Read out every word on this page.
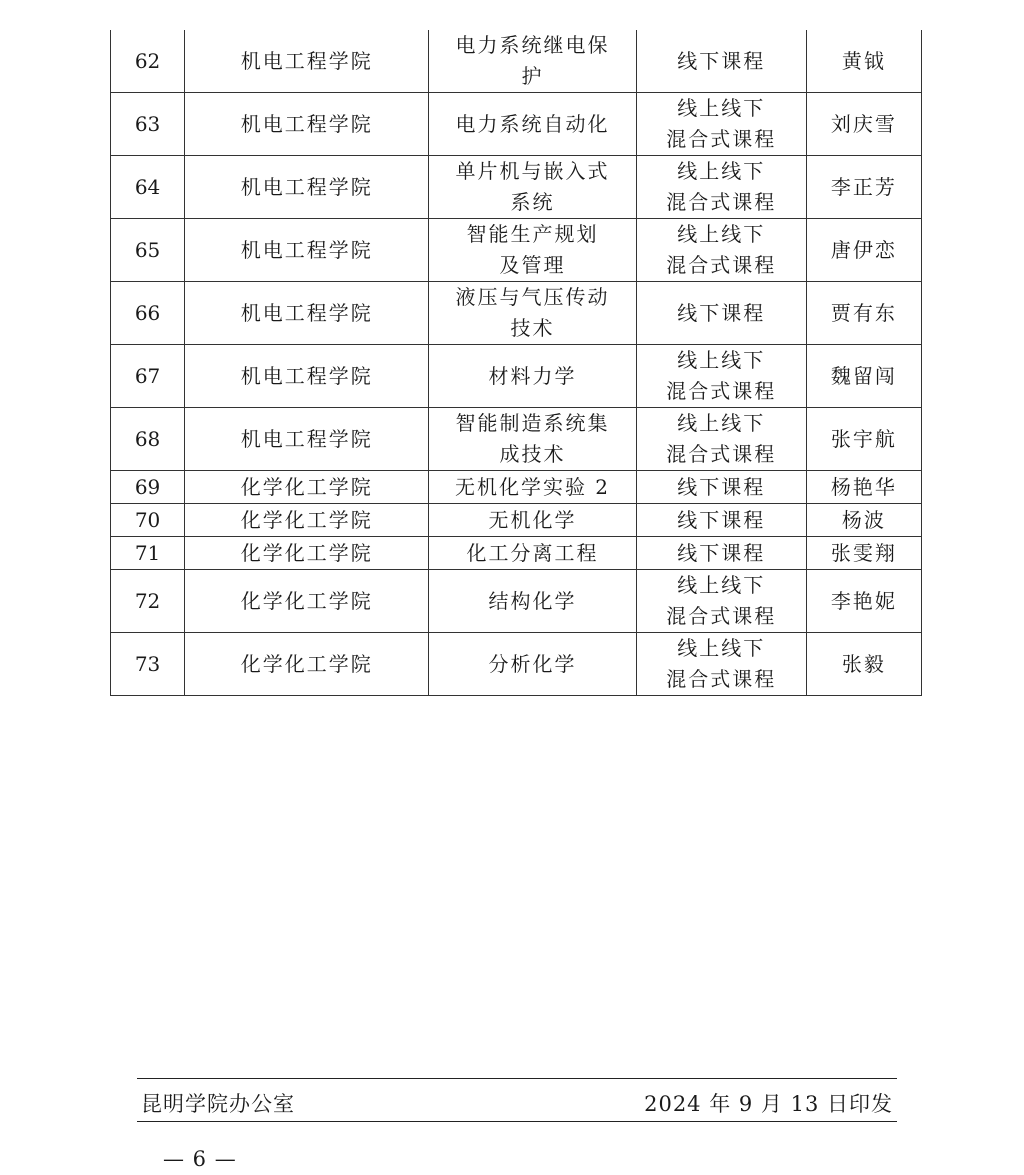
62	机电工程学院	电力系统继电保
护	线下课程	黄钺
63	机电工程学院	电力系统自动化	线上线下
混合式课程	刘庆雪
64	机电工程学院	单片机与嵌入式
系统	线上线下
混合式课程	李正芳
65	机电工程学院	智能生产规划
及管理	线上线下
混合式课程	唐伊恋
66	机电工程学院	液压与气压传动
技术	线下课程	贾有东
67	机电工程学院	材料力学	线上线下
混合式课程	魏留闯
68	机电工程学院	智能制造系统集
成技术	线上线下
混合式课程	张宇航
69	化学化工学院	无机化学实验 2	线下课程	杨艳华
70	化学化工学院	无机化学	线下课程	杨波
71	化学化工学院	化工分离工程	线下课程	张雯翔
72	化学化工学院	结构化学	线上线下
混合式课程	李艳妮
73	化学化工学院	分析化学	线上线下
混合式课程	张毅
昆明学院办公室	2024 年 9 月 13 日印发
— 6 —
